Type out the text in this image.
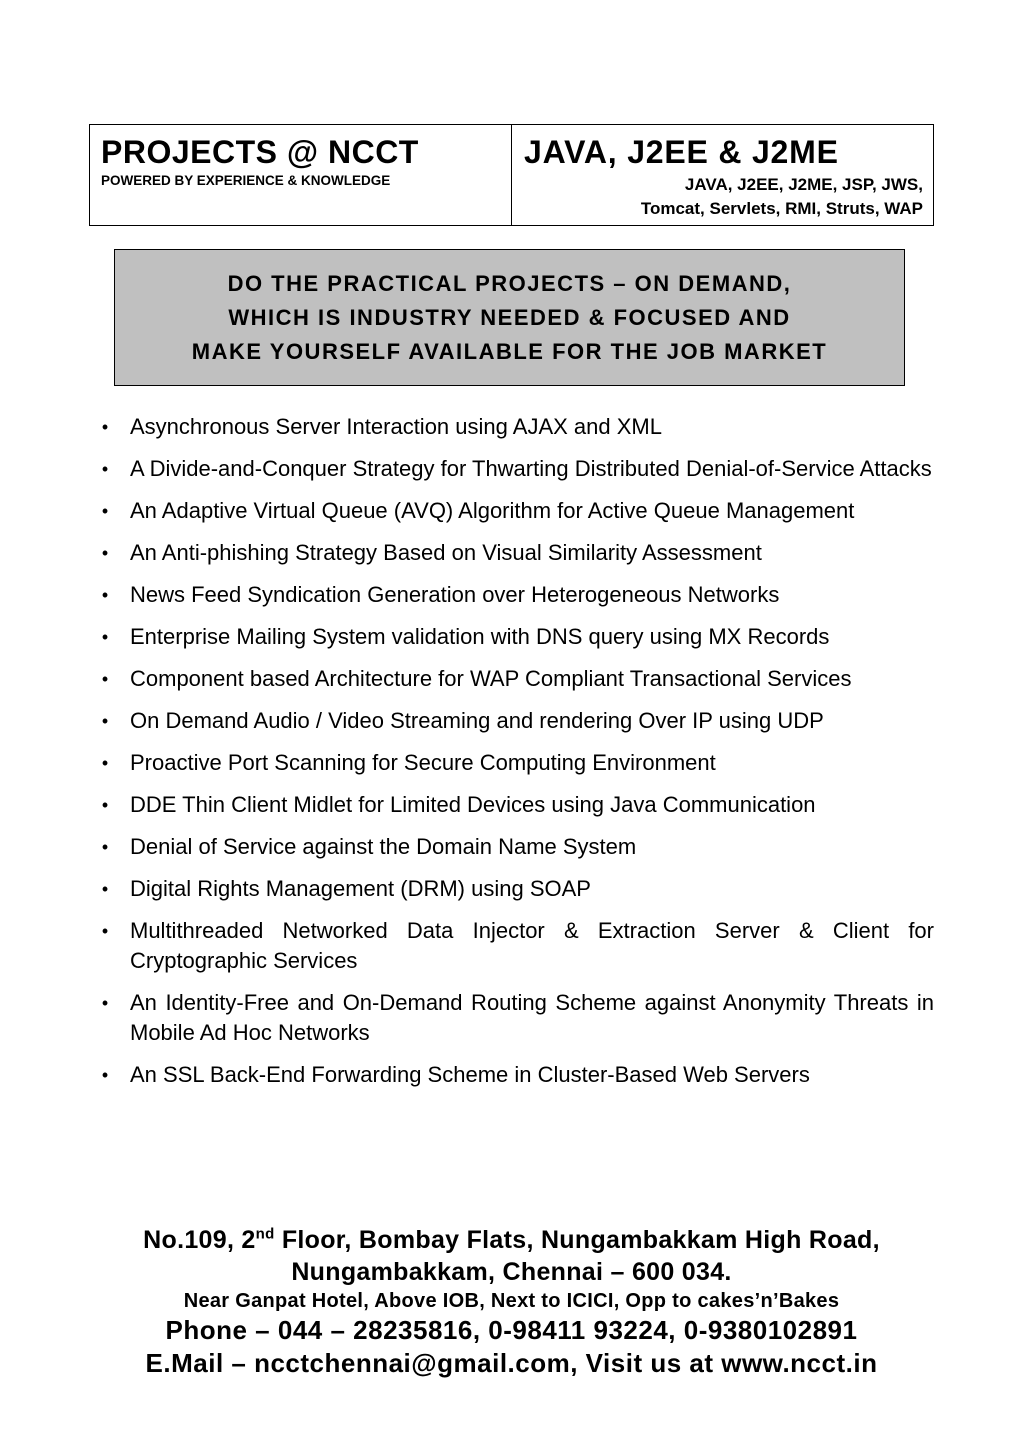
PROJECTS @ NCCT
POWERED BY EXPERIENCE & KNOWLEDGE
JAVA, J2EE & J2ME
JAVA, J2EE, J2ME, JSP, JWS,
Tomcat, Servlets, RMI, Struts, WAP
DO THE PRACTICAL PROJECTS – ON DEMAND,
WHICH IS INDUSTRY NEEDED & FOCUSED AND
MAKE YOURSELF AVAILABLE FOR THE JOB MARKET
• Asynchronous Server Interaction using AJAX and XML
• A Divide-and-Conquer Strategy for Thwarting Distributed Denial-of-Service Attacks
• An Adaptive Virtual Queue (AVQ) Algorithm for Active Queue Management
• An Anti-phishing Strategy Based on Visual Similarity Assessment
• News Feed Syndication Generation over Heterogeneous Networks
• Enterprise Mailing System validation with DNS query using MX Records
• Component based Architecture for WAP Compliant Transactional Services
• On Demand Audio / Video Streaming and rendering Over IP using UDP
• Proactive Port Scanning for Secure Computing Environment
• DDE Thin Client Midlet for Limited Devices using Java Communication
• Denial of Service against the Domain Name System
• Digital Rights Management (DRM) using SOAP
• Multithreaded Networked Data Injector & Extraction Server & Client for Cryptographic Services
• An Identity-Free and On-Demand Routing Scheme against Anonymity Threats in Mobile Ad Hoc Networks
• An SSL Back-End Forwarding Scheme in Cluster-Based Web Servers
No.109, 2nd Floor, Bombay Flats, Nungambakkam High Road,
Nungambakkam, Chennai – 600 034.
Near Ganpat Hotel, Above IOB, Next to ICICI, Opp to cakes’n’Bakes
Phone – 044 – 28235816, 0-98411 93224, 0-9380102891
E.Mail – ncctchennai@gmail.com, Visit us at www.ncct.in
